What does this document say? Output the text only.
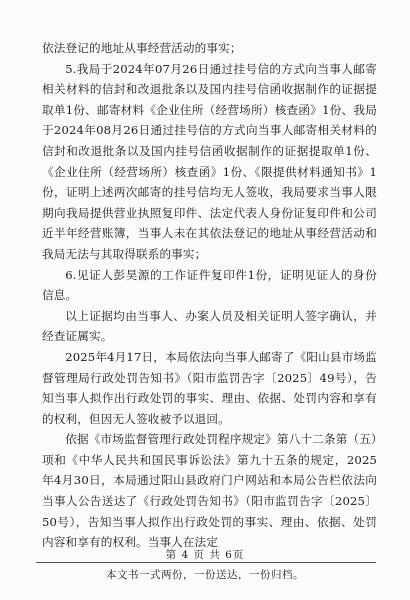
依法登记的地址从事经营活动的事实；

5.我局于2024年07月26日通过挂号信的方式向当事人邮寄相关材料的信封和改退批条以及国内挂号信函收据制作的证据提取单1份、邮寄材料《企业住所（经营场所）核查函》1份、我局于2024年08月26日通过挂号信的方式向当事人邮寄相关材料的信封和改退批条以及国内挂号信函收据制作的证据提取单1份、《企业住所（经营场所）核查函》1份、《限提供材料通知书》1份，证明上述两次邮寄的挂号信均无人签收，我局要求当事人限期向我局提供营业执照复印件、法定代表人身份证复印件和公司近半年经营账簿，当事人未在其依法登记的地址从事经营活动和我局无法与其取得联系的事实；

6.见证人彭昊源的工作证件复印件1份，证明见证人的身份信息。

以上证据均由当事人、办案人员及相关证明人签字确认，并经查证属实。

2025年4月17日，本局依法向当事人邮寄了《阳山县市场监督管理局行政处罚告知书》（阳市监罚告字〔2025〕49号），告知当事人拟作出行政处罚的事实、理由、依据、处罚内容和享有的权利，但因无人签收被予以退回。

依据《市场监督管理行政处罚程序规定》第八十二条第（五）项和《中华人民共和国民事诉讼法》第九十五条的规定，2025年4月30日，本局通过阳山县政府门户网站和本局公告栏依法向当事人公告送达了《行政处罚告知书》（阳市监罚告字〔2025〕50号），告知当事人拟作出行政处罚的事实、理由、依据、处罚内容和享有的权利。当事人在法定

第 4 页 共 6页
本文书一式两份，一份送达，一份归档。
